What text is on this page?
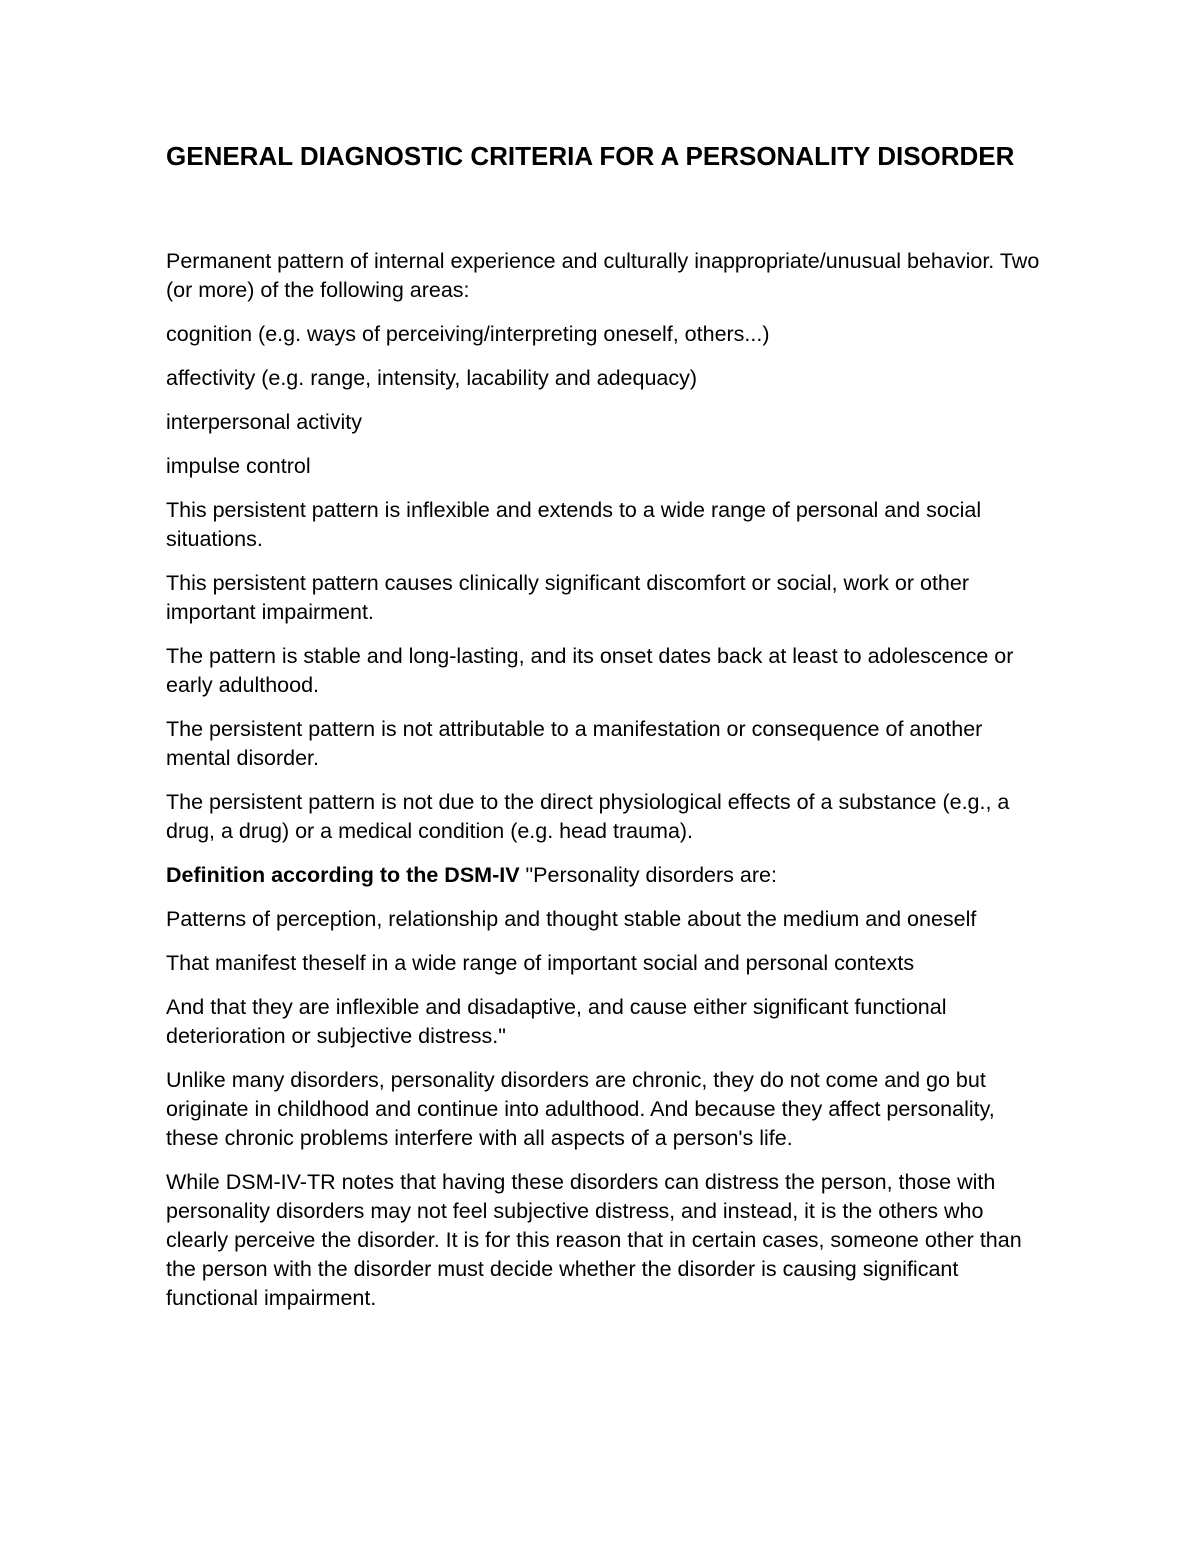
GENERAL DIAGNOSTIC CRITERIA FOR A PERSONALITY DISORDER

Permanent pattern of internal experience and culturally inappropriate/unusual behavior. Two (or more) of the following areas:

cognition (e.g. ways of perceiving/interpreting oneself, others...)

affectivity (e.g. range, intensity, lacability and adequacy)

interpersonal activity

impulse control

This persistent pattern is inflexible and extends to a wide range of personal and social situations.

This persistent pattern causes clinically significant discomfort or social, work or other important impairment.

The pattern is stable and long-lasting, and its onset dates back at least to adolescence or early adulthood.

The persistent pattern is not attributable to a manifestation or consequence of another mental disorder.

The persistent pattern is not due to the direct physiological effects of a substance (e.g., a drug, a drug) or a medical condition (e.g. head trauma).

Definition according to the DSM-IV "Personality disorders are:

Patterns of perception, relationship and thought stable about the medium and oneself

That manifest theself in a wide range of important social and personal contexts

And that they are inflexible and disadaptive, and cause either significant functional deterioration or subjective distress."

Unlike many disorders, personality disorders are chronic, they do not come and go but originate in childhood and continue into adulthood. And because they affect personality, these chronic problems interfere with all aspects of a person's life.

While DSM-IV-TR notes that having these disorders can distress the person, those with personality disorders may not feel subjective distress, and instead, it is the others who clearly perceive the disorder. It is for this reason that in certain cases, someone other than the person with the disorder must decide whether the disorder is causing significant functional impairment.
